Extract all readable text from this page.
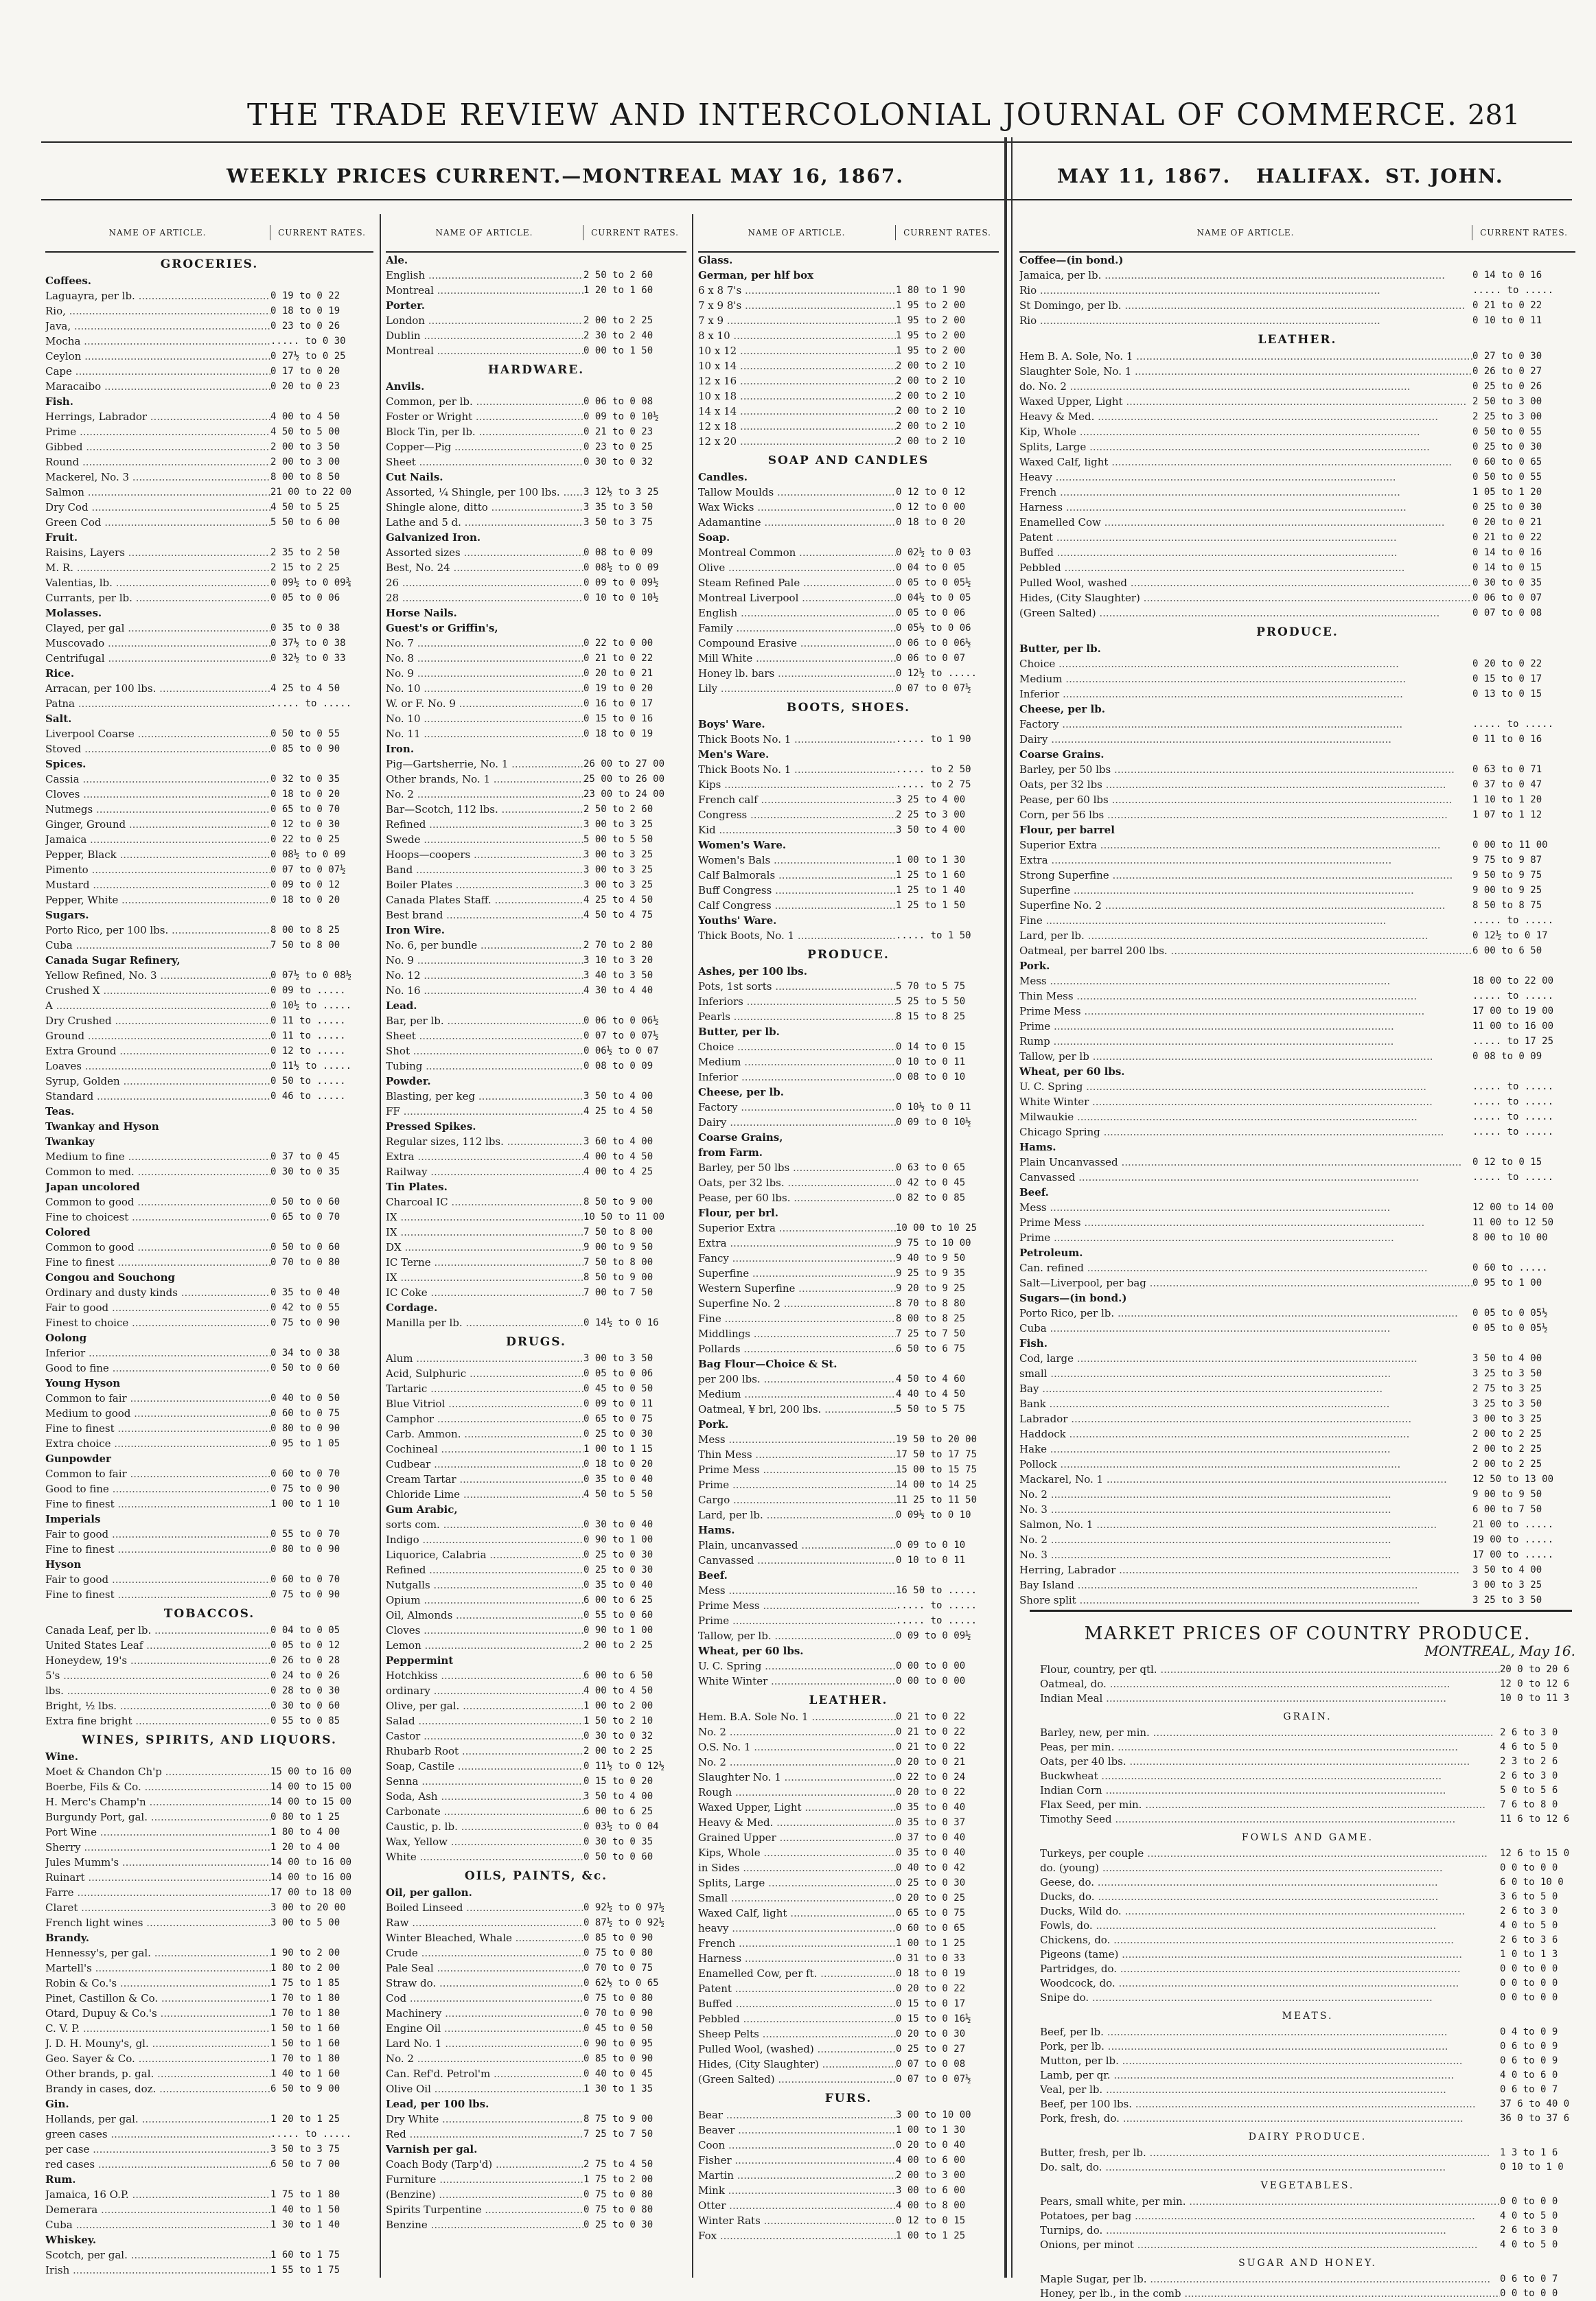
THE TRADE REVIEW AND INTERCOLONIAL JOURNAL OF COMMERCE. 281
WEEKLY PRICES CURRENT.—MONTREAL MAY 16, 1867.	MAY 11, 1867. HALIFAX. ST. JOHN.
NAME OF ARTICLE.	CURRENT RATES.
GROCERIES.
Coffees.
Laguayra, per lb. .....	0 19 to 0 22
Rio, .....	0 18 to 0 19
Java, .....	0 23 to 0 26
Mocha .....	..... to 0 30
Ceylon .....	0 27½ to 0 25
Cape .....	0 17 to 0 20
Maracaibo .....	0 20 to 0 23
Fish.
Herrings, Labrador .....	4 00 to 4 50
Prime .....	4 50 to 5 00
Gibbed .....	2 00 to 3 50
Round .....	2 00 to 3 00
Mackerel, No. 3 .....	8 00 to 8 50
Salmon .....	21 00 to 22 00
Dry Cod .....	4 50 to 5 25
Green Cod .....	5 50 to 6 00
Fruit.
Raisins, Layers .....	2 35 to 2 50
M. R. .....	2 15 to 2 25
Valentias, lb. .....	0 09½ to 0 09¾
Currants, per lb. .....	0 05 to 0 06
Molasses.
Clayed, per gal .....	0 35 to 0 38
Muscovado .....	0 37½ to 0 38
Centrifugal .....	0 32½ to 0 33
Rice.
Arracan, per 100 lbs. .....	4 25 to 4 50
Patna .....	..... to .....
Salt.
Liverpool Coarse .....	0 50 to 0 55
Stoved .....	0 85 to 0 90
Spices.
Cassia .....	0 32 to 0 35
Cloves .....	0 18 to 0 20
Nutmegs .....	0 65 to 0 70
Ginger, Ground .....	0 12 to 0 30
Jamaica .....	0 22 to 0 25
Pepper, Black .....	0 08½ to 0 09
Pimento .....	0 07 to 0 07½
Mustard .....	0 09 to 0 12
Pepper, White .....	0 18 to 0 20
Sugars.
Porto Rico, per 100 lbs. .....	8 00 to 8 25
Cuba .....	7 50 to 8 00
Canada Sugar Refinery,
Yellow Refined, No. 3 .....	0 07½ to 0 08½
Crushed X .....	0 09 to .....
A .....	0 10½ to .....
Dry Crushed .....	0 11 to .....
Ground .....	0 11 to .....
Extra Ground .....	0 12 to .....
Loaves .....	0 11½ to .....
Syrup, Golden .....	0 50 to .....
Standard .....	0 46 to .....
Teas.
Twankay and Hyson
Twankay
Medium to fine .....	0 37 to 0 45
Common to med. .....	0 30 to 0 35
Japan uncolored
Common to good .....	0 50 to 0 60
Fine to choicest .....	0 65 to 0 70
Colored
Common to good .....	0 50 to 0 60
Fine to finest .....	0 70 to 0 80
Congou and Souchong
Ordinary and dusty kinds .....	0 35 to 0 40
Fair to good .....	0 42 to 0 55
Finest to choice .....	0 75 to 0 90
Oolong
Inferior .....	0 34 to 0 38
Good to fine .....	0 50 to 0 60
Young Hyson
Common to fair .....	0 40 to 0 50
Medium to good .....	0 60 to 0 75
Fine to finest .....	0 80 to 0 90
Extra choice .....	0 95 to 1 05
Gunpowder
Common to fair .....	0 60 to 0 70
Good to fine .....	0 75 to 0 90
Fine to finest .....	1 00 to 1 10
Imperials
Fair to good .....	0 55 to 0 70
Fine to finest .....	0 80 to 0 90
Hyson
Fair to good .....	0 60 to 0 70
Fine to finest .....	0 75 to 0 90
TOBACCOS.
Canada Leaf, per lb. .....	0 04 to 0 05
United States Leaf .....	0 05 to 0 12
Honeydew, 19's .....	0 26 to 0 28
5's .....	0 24 to 0 26
lbs. .....	0 28 to 0 30
Bright, ½ lbs. .....	0 30 to 0 60
Extra fine bright .....	0 55 to 0 85
WINES, SPIRITS, AND LIQUORS.
Wine.
Moet & Chandon Ch'p .....	15 00 to 16 00
Boerbe, Fils & Co. .....	14 00 to 15 00
H. Merc's Champ'n .....	14 00 to 15 00
Burgundy Port, gal. .....	0 80 to 1 25
Port Wine .....	1 80 to 4 00
Sherry .....	1 20 to 4 00
Jules Mumm's .....	14 00 to 16 00
Ruinart .....	14 00 to 16 00
Farre .....	17 00 to 18 00
Claret .....	3 00 to 20 00
French light wines .....	3 00 to 5 00
Brandy.
Hennessy's, per gal. .....	1 90 to 2 00
Martell's .....	1 80 to 2 00
Robin & Co.'s .....	1 75 to 1 85
Pinet, Castillon & Co. .....	1 70 to 1 80
Otard, Dupuy & Co.'s .....	1 70 to 1 80
C. V. P. .....	1 50 to 1 60
J. D. H. Mouny's, gl. .....	1 50 to 1 60
Geo. Sayer & Co. .....	1 70 to 1 80
Other brands, p. gal. .....	1 40 to 1 60
Brandy in cases, doz. .....	6 50 to 9 00
Gin.
Hollands, per gal. .....	1 20 to 1 25
green cases .....	..... to .....
per case .....	3 50 to 3 75
red cases .....	6 50 to 7 00
Rum.
Jamaica, 16 O.P. .....	1 75 to 1 80
Demerara .....	1 40 to 1 50
Cuba .....	1 30 to 1 40
Whiskey.
Scotch, per gal. .....	1 60 to 1 75
Irish .....	1 55 to 1 75
NAME OF ARTICLE.	CURRENT RATES.
Ale.
English .....	2 50 to 2 60
Montreal .....	1 20 to 1 60
Porter.
London .....	2 00 to 2 25
Dublin .....	2 30 to 2 40
Montreal .....	0 00 to 1 50
HARDWARE.
Anvils.
Common, per lb. .....	0 06 to 0 08
Foster or Wright .....	0 09 to 0 10½
Block Tin, per lb. .....	0 21 to 0 23
Copper—Pig .....	0 23 to 0 25
Sheet .....	0 30 to 0 32
Cut Nails.
Assorted, ¼ Shingle, per 100 lbs. .....	3 12½ to 3 25
Shingle alone, ditto .....	3 35 to 3 50
Lathe and 5 d. .....	3 50 to 3 75
Galvanized Iron.
Assorted sizes .....	0 08 to 0 09
Best, No. 24 .....	0 08½ to 0 09
26 .....	0 09 to 0 09½
28 .....	0 10 to 0 10½
Horse Nails.
Guest's or Griffin's,
No. 7 .....	0 22 to 0 00
No. 8 .....	0 21 to 0 22
No. 9 .....	0 20 to 0 21
No. 10 .....	0 19 to 0 20
W. or F. No. 9 .....	0 16 to 0 17
No. 10 .....	0 15 to 0 16
No. 11 .....	0 18 to 0 19
Iron.
Pig—Gartsherrie, No. 1 .....	26 00 to 27 00
Other brands, No. 1 .....	25 00 to 26 00
No. 2 .....	23 00 to 24 00
Bar—Scotch, 112 lbs. .....	2 50 to 2 60
Refined .....	3 00 to 3 25
Swede .....	5 00 to 5 50
Hoops—coopers .....	3 00 to 3 25
Band .....	3 00 to 3 25
Boiler Plates .....	3 00 to 3 25
Canada Plates Staff. .....	4 25 to 4 50
Best brand .....	4 50 to 4 75
Iron Wire.
No. 6, per bundle .....	2 70 to 2 80
No. 9 .....	3 10 to 3 20
No. 12 .....	3 40 to 3 50
No. 16 .....	4 30 to 4 40
Lead.
Bar, per lb. .....	0 06 to 0 06½
Sheet .....	0 07 to 0 07½
Shot .....	0 06½ to 0 07
Tubing .....	0 08 to 0 09
Powder.
Blasting, per keg .....	3 50 to 4 00
FF .....	4 25 to 4 50
Pressed Spikes.
Regular sizes, 112 lbs. .....	3 60 to 4 00
Extra .....	4 00 to 4 50
Railway .....	4 00 to 4 25
Tin Plates.
Charcoal IC .....	8 50 to 9 00
IX .....	10 50 to 11 00
IX .....	7 50 to 8 00
DX .....	9 00 to 9 50
IC Terne .....	7 50 to 8 00
IX .....	8 50 to 9 00
IC Coke .....	7 00 to 7 50
Cordage.
Manilla per lb. .....	0 14½ to 0 16
DRUGS.
Alum .....	3 00 to 3 50
Acid, Sulphuric .....	0 05 to 0 06
Tartaric .....	0 45 to 0 50
Blue Vitriol .....	0 09 to 0 11
Camphor .....	0 65 to 0 75
Carb. Ammon. .....	0 25 to 0 30
Cochineal .....	1 00 to 1 15
Cudbear .....	0 18 to 0 20
Cream Tartar .....	0 35 to 0 40
Chloride Lime .....	4 50 to 5 50
Gum Arabic,
sorts com. .....	0 30 to 0 40
Indigo .....	0 90 to 1 00
Liquorice, Calabria .....	0 25 to 0 30
Refined .....	0 25 to 0 30
Nutgalls .....	0 35 to 0 40
Opium .....	6 00 to 6 25
Oil, Almonds .....	0 55 to 0 60
Cloves .....	0 90 to 1 00
Lemon .....	2 00 to 2 25
Peppermint
Hotchkiss .....	6 00 to 6 50
ordinary .....	4 00 to 4 50
Olive, per gal. .....	1 00 to 2 00
Salad .....	1 50 to 2 10
Castor .....	0 30 to 0 32
Rhubarb Root .....	2 00 to 2 25
Soap, Castile .....	0 11½ to 0 12½
Senna .....	0 15 to 0 20
Soda, Ash .....	3 50 to 4 00
Carbonate .....	6 00 to 6 25
Caustic, p. lb. .....	0 03½ to 0 04
Wax, Yellow .....	0 30 to 0 35
White .....	0 50 to 0 60
OILS, PAINTS, &c.
Oil, per gallon.
Boiled Linseed .....	0 92½ to 0 97½
Raw .....	0 87½ to 0 92½
Winter Bleached, Whale .....	0 85 to 0 90
Crude .....	0 75 to 0 80
Pale Seal .....	0 70 to 0 75
Straw do. .....	0 62½ to 0 65
Cod .....	0 75 to 0 80
Machinery .....	0 70 to 0 90
Engine Oil .....	0 45 to 0 50
Lard No. 1 .....	0 90 to 0 95
No. 2 .....	0 85 to 0 90
Can. Ref'd. Petrol'm .....	0 40 to 0 45
Olive Oil .....	1 30 to 1 35
Lead, per 100 lbs.
Dry White .....	8 75 to 9 00
Red .....	7 25 to 7 50
Varnish per gal.
Coach Body (Tarp'd) .....	2 75 to 4 50
Furniture .....	1 75 to 2 00
(Benzine) .....	0 75 to 0 80
Spirits Turpentine .....	0 75 to 0 80
Benzine .....	0 25 to 0 30
NAME OF ARTICLE.	CURRENT RATES.
Glass.
German, per hlf box
6 x 8 7's .....	1 80 to 1 90
7 x 9 8's .....	1 95 to 2 00
7 x 9 .....	1 95 to 2 00
8 x 10 .....	1 95 to 2 00
10 x 12 .....	1 95 to 2 00
10 x 14 .....	2 00 to 2 10
12 x 16 .....	2 00 to 2 10
10 x 18 .....	2 00 to 2 10
14 x 14 .....	2 00 to 2 10
12 x 18 .....	2 00 to 2 10
12 x 20 .....	2 00 to 2 10
SOAP AND CANDLES
Candles.
Tallow Moulds .....	0 12 to 0 12
Wax Wicks .....	0 12 to 0 00
Adamantine .....	0 18 to 0 20
Soap.
Montreal Common .....	0 02½ to 0 03
Olive .....	0 04 to 0 05
Steam Refined Pale .....	0 05 to 0 05½
Montreal Liverpool .....	0 04½ to 0 05
English .....	0 05 to 0 06
Family .....	0 05½ to 0 06
Compound Erasive .....	0 06 to 0 06½
Mill White .....	0 06 to 0 07
Honey lb. bars .....	0 12½ to .....
Lily .....	0 07 to 0 07½
BOOTS, SHOES.
Boys' Ware.
Thick Boots No. 1 .....	..... to 1 90
Men's Ware.
Thick Boots No. 1 .....	..... to 2 50
Kips .....	..... to 2 75
French calf .....	3 25 to 4 00
Congress .....	2 25 to 3 00
Kid .....	3 50 to 4 00
Women's Ware.
Women's Bals .....	1 00 to 1 30
Calf Balmorals .....	1 25 to 1 60
Buff Congress .....	1 25 to 1 40
Calf Congress .....	1 25 to 1 50
Youths' Ware.
Thick Boots, No. 1 .....	..... to 1 50
PRODUCE.
Ashes, per 100 lbs.
Pots, 1st sorts .....	5 70 to 5 75
Inferiors .....	5 25 to 5 50
Pearls .....	8 15 to 8 25
Butter, per lb.
Choice .....	0 14 to 0 15
Medium .....	0 10 to 0 11
Inferior .....	0 08 to 0 10
Cheese, per lb.
Factory .....	0 10½ to 0 11
Dairy .....	0 09 to 0 10½
Coarse Grains,
from Farm.
Barley, per 50 lbs .....	0 63 to 0 65
Oats, per 32 lbs. .....	0 42 to 0 45
Pease, per 60 lbs. .....	0 82 to 0 85
Flour, per brl.
Superior Extra .....	10 00 to 10 25
Extra .....	9 75 to 10 00
Fancy .....	9 40 to 9 50
Superfine .....	9 25 to 9 35
Western Superfine .....	9 20 to 9 25
Superfine No. 2 .....	8 70 to 8 80
Fine .....	8 00 to 8 25
Middlings .....	7 25 to 7 50
Pollards .....	6 50 to 6 75
Bag Flour—Choice & St.
per 200 lbs. .....	4 50 to 4 60
Medium .....	4 40 to 4 50
Oatmeal, ¥ brl, 200 lbs. .....	5 50 to 5 75
Pork.
Mess .....	19 50 to 20 00
Thin Mess .....	17 50 to 17 75
Prime Mess .....	15 00 to 15 75
Prime .....	14 00 to 14 25
Cargo .....	11 25 to 11 50
Lard, per lb. .....	0 09½ to 0 10
Hams.
Plain, uncanvassed .....	0 09 to 0 10
Canvassed .....	0 10 to 0 11
Beef.
Mess .....	16 50 to .....
Prime Mess .....	..... to .....
Prime .....	..... to .....
Tallow, per lb. .....	0 09 to 0 09½
Wheat, per 60 lbs.
U. C. Spring .....	0 00 to 0 00
White Winter .....	0 00 to 0 00
LEATHER.
Hem. B.A. Sole No. 1 .....	0 21 to 0 22
No. 2 .....	0 21 to 0 22
O.S. No. 1 .....	0 21 to 0 22
No. 2 .....	0 20 to 0 21
Slaughter No. 1 .....	0 22 to 0 24
Rough .....	0 20 to 0 22
Waxed Upper, Light .....	0 35 to 0 40
Heavy & Med. .....	0 35 to 0 37
Grained Upper .....	0 37 to 0 40
Kips, Whole .....	0 35 to 0 40
in Sides .....	0 40 to 0 42
Splits, Large .....	0 25 to 0 30
Small .....	0 20 to 0 25
Waxed Calf, light .....	0 65 to 0 75
heavy .....	0 60 to 0 65
French .....	1 00 to 1 25
Harness .....	0 31 to 0 33
Enamelled Cow, per ft. .....	0 18 to 0 19
Patent .....	0 20 to 0 22
Buffed .....	0 15 to 0 17
Pebbled .....	0 15 to 0 16½
Sheep Pelts .....	0 20 to 0 30
Pulled Wool, (washed) .....	0 25 to 0 27
Hides, (City Slaughter) .....	0 07 to 0 08
(Green Salted) .....	0 07 to 0 07½
FURS.
Bear .....	3 00 to 10 00
Beaver .....	1 00 to 1 30
Coon .....	0 20 to 0 40
Fisher .....	4 00 to 6 00
Martin .....	2 00 to 3 00
Mink .....	3 00 to 6 00
Otter .....	4 00 to 8 00
Winter Rats .....	0 12 to 0 15
Fox .....	1 00 to 1 25
NAME OF ARTICLE.	CURRENT RATES.
Coffee—(in bond.)
Jamaica, per lb. .....	0 14 to 0 16
Rio .....	..... to .....
St Domingo, per lb. .....	0 21 to 0 22
Rio .....	0 10 to 0 11
LEATHER.
Hem B. A. Sole, No. 1 .....	0 27 to 0 30
Slaughter Sole, No. 1 .....	0 26 to 0 27
do. No. 2 .....	0 25 to 0 26
Waxed Upper, Light .....	2 50 to 3 00
Heavy & Med. .....	2 25 to 3 00
Kip, Whole .....	0 50 to 0 55
Splits, Large .....	0 25 to 0 30
Waxed Calf, light .....	0 60 to 0 65
Heavy .....	0 50 to 0 55
French .....	1 05 to 1 20
Harness .....	0 25 to 0 30
Enamelled Cow .....	0 20 to 0 21
Patent .....	0 21 to 0 22
Buffed .....	0 14 to 0 16
Pebbled .....	0 14 to 0 15
Pulled Wool, washed .....	0 30 to 0 35
Hides, (City Slaughter) .....	0 06 to 0 07
(Green Salted) .....	0 07 to 0 08
PRODUCE.
Butter, per lb.
Choice .....	0 20 to 0 22
Medium .....	0 15 to 0 17
Inferior .....	0 13 to 0 15
Cheese, per lb.
Factory .....	..... to .....
Dairy .....	0 11 to 0 16
Coarse Grains.
Barley, per 50 lbs .....	0 63 to 0 71
Oats, per 32 lbs .....	0 37 to 0 47
Pease, per 60 lbs .....	1 10 to 1 20
Corn, per 56 lbs .....	1 07 to 1 12
Flour, per barrel
Superior Extra .....	0 00 to 11 00
Extra .....	9 75 to 9 87
Strong Superfine .....	9 50 to 9 75
Superfine .....	9 00 to 9 25
Superfine No. 2 .....	8 50 to 8 75
Fine .....	..... to .....
Lard, per lb. .....	0 12½ to 0 17
Oatmeal, per barrel 200 lbs. .....	6 00 to 6 50
Pork.
Mess .....	18 00 to 22 00
Thin Mess .....	..... to .....
Prime Mess .....	17 00 to 19 00
Prime .....	11 00 to 16 00
Rump .....	..... to 17 25
Tallow, per lb .....	0 08 to 0 09
Wheat, per 60 lbs.
U. C. Spring .....	..... to .....
White Winter .....	..... to .....
Milwaukie .....	..... to .....
Chicago Spring .....	..... to .....
Hams.
Plain Uncanvassed .....	0 12 to 0 15
Canvassed .....	..... to .....
Beef.
Mess .....	12 00 to 14 00
Prime Mess .....	11 00 to 12 50
Prime .....	8 00 to 10 00
Petroleum.
Can. refined .....	0 60 to .....
Salt—Liverpool, per bag .....	0 95 to 1 00
Sugars—(in bond.)
Porto Rico, per lb. .....	0 05 to 0 05½
Cuba .....	0 05 to 0 05½
Fish.
Cod, large .....	3 50 to 4 00
small .....	3 25 to 3 50
Bay .....	2 75 to 3 25
Bank .....	3 25 to 3 50
Labrador .....	3 00 to 3 25
Haddock .....	2 00 to 2 25
Hake .....	2 00 to 2 25
Pollock .....	2 00 to 2 25
Mackarel, No. 1 .....	12 50 to 13 00
No. 2 .....	9 00 to 9 50
No. 3 .....	6 00 to 7 50
Salmon, No. 1 .....	21 00 to .....
No. 2 .....	19 00 to .....
No. 3 .....	17 00 to .....
Herring, Labrador .....	3 50 to 4 00
Bay Island .....	3 00 to 3 25
Shore split .....	3 25 to 3 50
MARKET PRICES OF COUNTRY PRODUCE.
MONTREAL, May 16.
Flour, country, per qtl. .....	20 0 to 20 6
Oatmeal, do. .....	12 0 to 12 6
Indian Meal .....	10 0 to 11 3
GRAIN.
Barley, new, per min. .....	2 6 to 3 0
Peas, per min. .....	4 6 to 5 0
Oats, per 40 lbs. .....	2 3 to 2 6
Buckwheat .....	2 6 to 3 0
Indian Corn .....	5 0 to 5 6
Flax Seed, per min. .....	7 6 to 8 0
Timothy Seed .....	11 6 to 12 6
FOWLS AND GAME.
Turkeys, per couple .....	12 6 to 15 0
do. (young) .....	0 0 to 0 0
Geese, do. .....	6 0 to 10 0
Ducks, do. .....	3 6 to 5 0
Ducks, Wild do. .....	2 6 to 3 0
Fowls, do. .....	4 0 to 5 0
Chickens, do. .....	2 6 to 3 6
Pigeons (tame) .....	1 0 to 1 3
Partridges, do. .....	0 0 to 0 0
Woodcock, do. .....	0 0 to 0 0
Snipe do. .....	0 0 to 0 0
MEATS.
Beef, per lb. .....	0 4 to 0 9
Pork, per lb. .....	0 6 to 0 9
Mutton, per lb. .....	0 6 to 0 9
Lamb, per qr. .....	4 0 to 6 0
Veal, per lb. .....	0 6 to 0 7
Beef, per 100 lbs. .....	37 6 to 40 0
Pork, fresh, do. .....	36 0 to 37 6
DAIRY PRODUCE.
Butter, fresh, per lb. .....	1 3 to 1 6
Do. salt, do. .....	0 10 to 1 0
VEGETABLES.
Pears, small white, per min. .....	0 0 to 0 0
Potatoes, per bag .....	4 0 to 5 0
Turnips, do. .....	2 6 to 3 0
Onions, per minot .....	4 0 to 5 0
SUGAR AND HONEY.
Maple Sugar, per lb. .....	0 6 to 0 7
Honey, per lb., in the comb .....	0 0 to 0 0
